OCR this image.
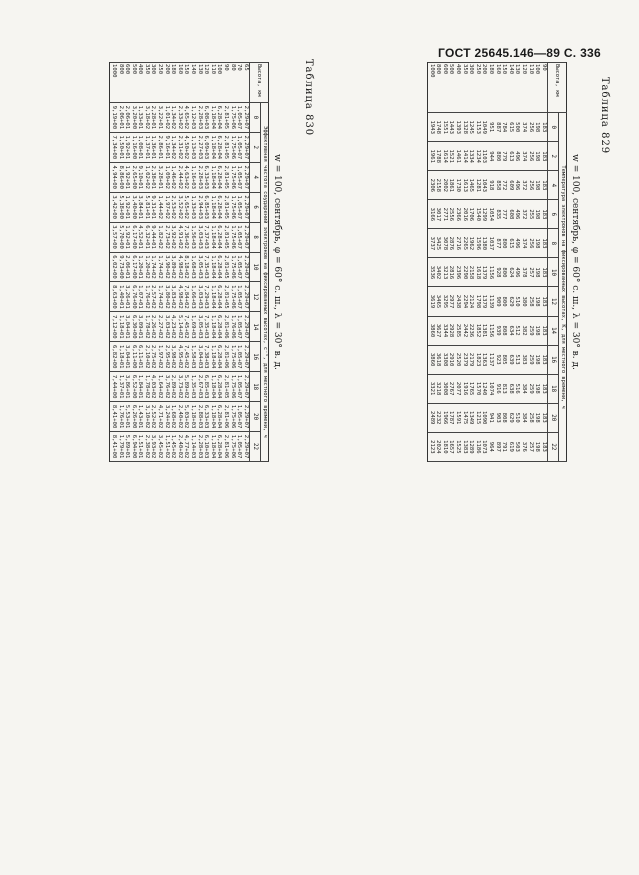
ГОСТ 25645.146—89 С. 336
Таблица 829
Таблица 830
w = 100, сентябрь, φ = 60° с. ш., λ = 30° в. д.
Высота, км	Температура электронов на фиксированных высотах, К, для местного времени, ч											
	0	2	4	6	8	10	12	14	16	18	20	22
90	183	183	183	183	183	183	183	183	183	183	183	183
100	198	198	198	198	198	198	198	198	198	198	198	198
110	256	256	256	255	256	257	258	259	259	259	258	257
120	374	374	372	372	374	378	380	382	383	384	384	376
130	500	496	496	496	496	496	510	512	513	516	510	503
140	615	613	609	608	615	624	629	634	639	638	629	619
150	784	779	772	777	800	800	800	808	805	813	808	791
160	887	880	858	835	877	928	909	939	923	916	903	897
180	951	944	918	1054	1037	1156	1139	1156	1137	1074	941	964
200	1049	1103	1043	1299	1380	1379	1379	1381	1363	1240	1090	1073
250	1153	1234	1281	1540	1596	1618	1798	1852	1823	1570	1215	1186
300	1245	1334	1465	1706	1962	2158	2124	2236	2179	1765	1349	1289
350	1328	1414	1613	2016	2265	2290	2294	2442	2379	1916	1475	1383
400	1393	1461	1730	2366	2716	2396	2438	2585	2520	2077	1591	1525
500	1443	1521	1861	2556	2876	2816	2977	2928	2910	2767	1787	1657
600	1551	1614	2002	2771	3078	3213	3295	3344	3308	3008	1966	1810
800	1748	1788	2158	3017	3425	3402	3465	3627	3618	3218	2232	2024
1000	1943	1961	2306	3166	3737	3536	3619	3860	3860	3321	2489	2123
w = 100, сентябрь, φ = 60° с. ш., λ = 30° в. д.
Высота, км	Эффективная частота соударений электронов на фиксированных высотах, с⁻¹, для местного времени, ч											
	0	2	4	6	8	10	12	14	16	18	20	22
65	2,29+07	2,29+07	2,29+07	2,29+07	2,29+07	2,29+07	2,29+07	2,29+07	2,29+07	2,29+07	2,29+07	2,29+07
70	1,05+07	1,05+07	1,05+07	1,05+07	1,05+07	1,05+07	1,05+07	1,05+07	1,05+07	1,05+07	1,05+07	1,05+07
80	1,75+06	1,75+06	1,75+06	1,75+06	1,75+06	1,75+06	1,75+06	1,76+06	1,75+06	1,75+06	1,75+06	1,75+06
90	2,81+05	2,81+05	2,81+05	2,81+05	2,81+05	2,81+05	2,81+05	2,81+06	2,81+06	2,81+05	2,81+06	2,81+06
100	6,28+04	6,28+04	6,28+04	6,28+04	6,28+04	6,28+04	6,28+04	6,28+04	6,28+04	6,28+04	6,28+04	6,28+04
110	1,18+04	1,18+04	1,18+04	1,18+04	1,18+04	1,18+04	1,18+04	1,18+04	1,18+04	1,18+04	1,18+04	1,18+04
120	6,08+03	6,09+03	6,33+03	6,85+03	7,37+03	7,35+03	7,29+03	7,35+03	7,38+03	6,85+03	6,33+03	6,10+03
130	2,28+03	2,27+03	2,28+03	2,94+03	3,03+03	3,05+03	3,03+03	3,05+03	3,04+03	2,67+03	2,88+03	2,28+03
140	1,12+03	1,13+03	1,16+03	1,33+03	1,56+03	1,68+03	1,66+03	1,69+03	1,58+03	1,35+03	1,18+03	1,14+03
150	4,65+02	4,50+02	4,63+02	5,65+02	7,36+02	8,18+02	7,84+02	7,45+02	7,45+02	5,89+02	5,03+02	4,77+02
160	2,33+02	2,31+02	2,44+02	3,52+02	4,91+02	4,98+02	4,98+02	5,14+02	4,95+02	3,73+02	2,40+02	2,40+02
180	1,34+02	1,34+02	1,46+02	2,53+02	3,92+02	3,89+02	3,83+02	4,23+02	3,98+02	2,89+02	1,68+02	1,45+02
200	1,01+02	9,16+01	1,09+02	1,97+02	2,73+02	3,90+02	3,80+02	3,03+02	2,95+02	3,76+02	3,24+02	1,51+02
250	3,22+01	2,86+01	3,28+01	1,44+02	1,82+02	1,74+02	1,74+02	2,27+02	1,97+02	1,64+02	4,71+02	3,45+02
300	2,28+01	1,36+01	2,38+01	9,31+01	9,44+01	1,74+02	2,57+02	2,26+02	2,75+02	4,03+02	2,52+02	3,93+02
350	3,18+02	1,37+01	1,02+02	5,81+01	6,32+01	1,20+02	1,76+02	1,78+02	2,10+02	1,78+02	3,10+02	2,38+02
400	1,33+01	1,08+01	9,10+01	3,84+01	4,52+01	1,20+01	1,07+01	3,09+01	6,11+01	1,84+01	1,43+01	1,51+01
500	3,20+00	1,16+00	2,65+00	3,40+00	6,17+00	6,17+00	6,76+00	6,30+00	6,11+00	6,52+00	6,26+00	6,94+00
600	2,06+01	1,92+01	1,92+01	1,92+01	1,92+01	2,06+01	3,26+01	3,04+01	3,04+01	3,86+01	5,53+01	5,89+01
800	2,06+01	1,50+01	8,86+00	5,38+00	5,70+00	9,73+00	1,40+01	1,18+01	1,18+01	1,37+01	1,76+01	1,79+01
1000	9,19+00	7,34+00	4,94+00	3,42+00	3,57+00	6,02+00	8,63+00	7,12+00	6,82+00	7,44+00	8,41+00	8,41+00
